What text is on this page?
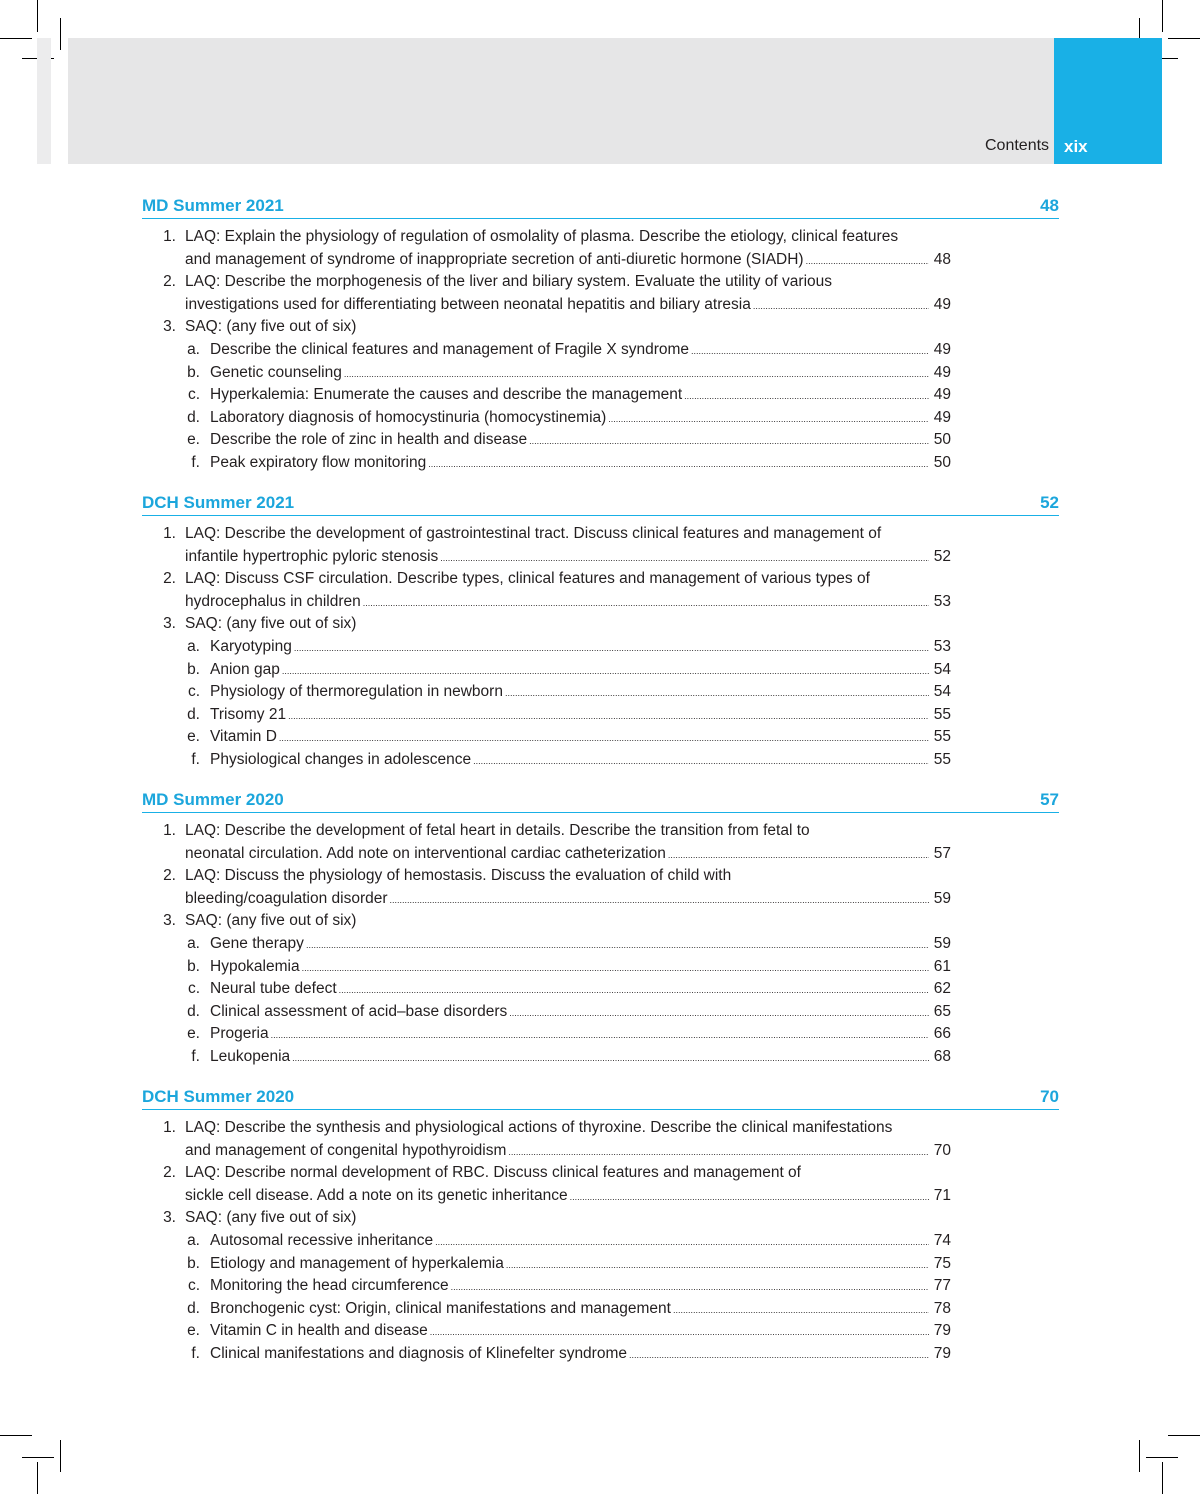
Contents xix
MD Summer 2021	48
1. LAQ: Explain the physiology of regulation of osmolality of plasma. Describe the etiology, clinical features
and management of syndrome of inappropriate secretion of anti-diuretic hormone (SIADH) .....	48
2. LAQ: Describe the morphogenesis of the liver and biliary system. Evaluate the utility of various
investigations used for differentiating between neonatal hepatitis and biliary atresia .....	49
3. SAQ: (any five out of six)
a. Describe the clinical features and management of Fragile X syndrome .....	49
b. Genetic counseling .....	49
c. Hyperkalemia: Enumerate the causes and describe the management .....	49
d. Laboratory diagnosis of homocystinuria (homocystinemia) .....	49
e. Describe the role of zinc in health and disease .....	50
f. Peak expiratory flow monitoring .....	50
DCH Summer 2021	52
1. LAQ: Describe the development of gastrointestinal tract. Discuss clinical features and management of
infantile hypertrophic pyloric stenosis .....	52
2. LAQ: Discuss CSF circulation. Describe types, clinical features and management of various types of
hydrocephalus in children .....	53
3. SAQ: (any five out of six)
a. Karyotyping .....	53
b. Anion gap .....	54
c. Physiology of thermoregulation in newborn .....	54
d. Trisomy 21 .....	55
e. Vitamin D .....	55
f. Physiological changes in adolescence .....	55
MD Summer 2020	57
1. LAQ: Describe the development of fetal heart in details. Describe the transition from fetal to
neonatal circulation. Add note on interventional cardiac catheterization .....	57
2. LAQ: Discuss the physiology of hemostasis. Discuss the evaluation of child with
bleeding/coagulation disorder .....	59
3. SAQ: (any five out of six)
a. Gene therapy .....	59
b. Hypokalemia .....	61
c. Neural tube defect .....	62
d. Clinical assessment of acid–base disorders .....	65
e. Progeria .....	66
f. Leukopenia .....	68
DCH Summer 2020	70
1. LAQ: Describe the synthesis and physiological actions of thyroxine. Describe the clinical manifestations
and management of congenital hypothyroidism .....	70
2. LAQ: Describe normal development of RBC. Discuss clinical features and management of
sickle cell disease. Add a note on its genetic inheritance .....	71
3. SAQ: (any five out of six)
a. Autosomal recessive inheritance .....	74
b. Etiology and management of hyperkalemia .....	75
c. Monitoring the head circumference .....	77
d. Bronchogenic cyst: Origin, clinical manifestations and management .....	78
e. Vitamin C in health and disease .....	79
f. Clinical manifestations and diagnosis of Klinefelter syndrome .....	79
